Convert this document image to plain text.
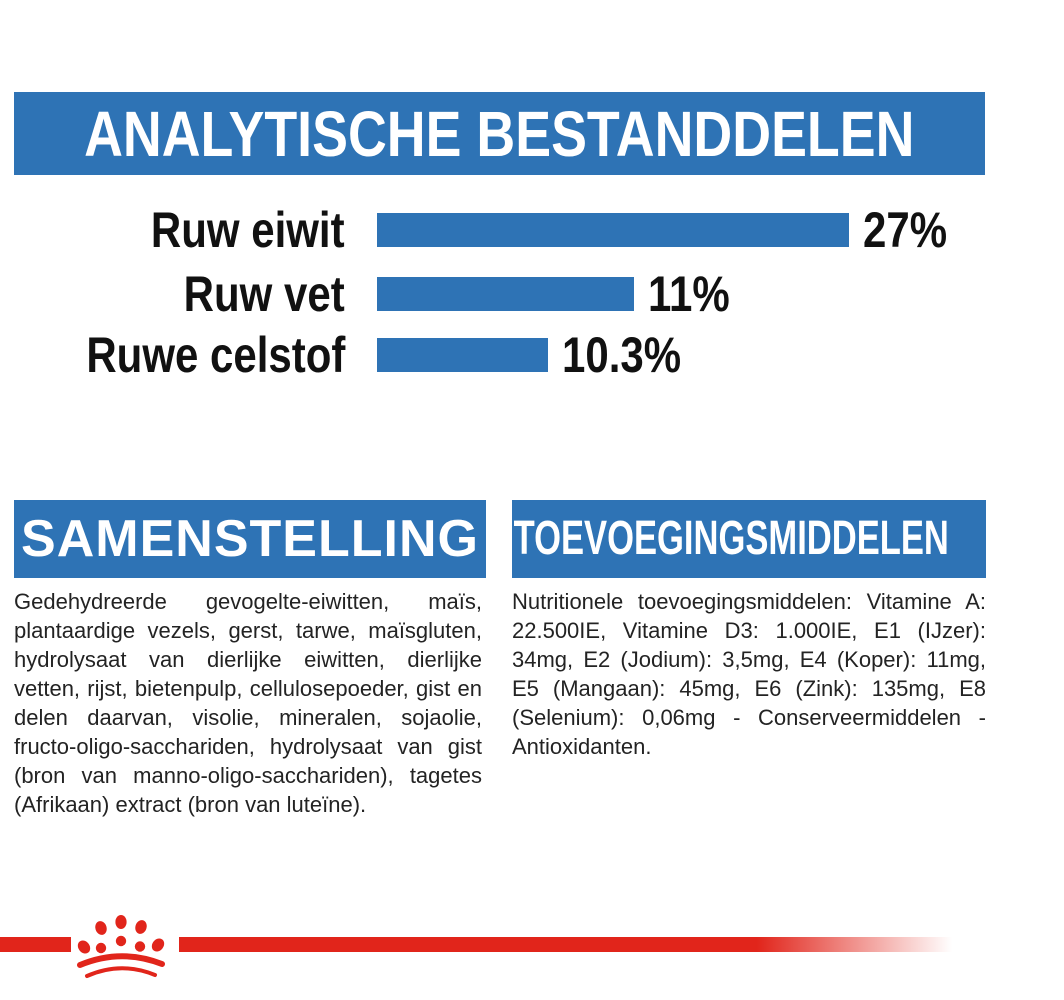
ANALYTISCHE BESTANDDELEN
Ruw eiwit	27%
Ruw vet	11%
Ruwe celstof	10.3%
SAMENSTELLING TOEVOEGINGSMIDDELEN (/kg)
Gedehydreerde gevogelte-eiwitten, maïs, plantaardige vezels, gerst, tarwe, maïsgluten, hydrolysaat van dierlijke eiwitten, dierlijke vetten, rijst, bietenpulp, cellulosepoeder, gist en delen daarvan, visolie, mineralen, sojaolie, fructo-oligo-sacchariden, hydrolysaat van gist (bron van manno-oligo-sacchariden), tagetes (Afrikaan) extract (bron van luteïne).
Nutritionele toevoegingsmiddelen: Vitamine A: 22.500IE, Vitamine D3: 1.000IE, E1 (IJzer): 34mg, E2 (Jodium): 3,5mg, E4 (Koper): 11mg, E5 (Mangaan): 45mg, E6 (Zink): 135mg, E8 (Selenium): 0,06mg - Conserveermiddelen - Antioxidanten.
